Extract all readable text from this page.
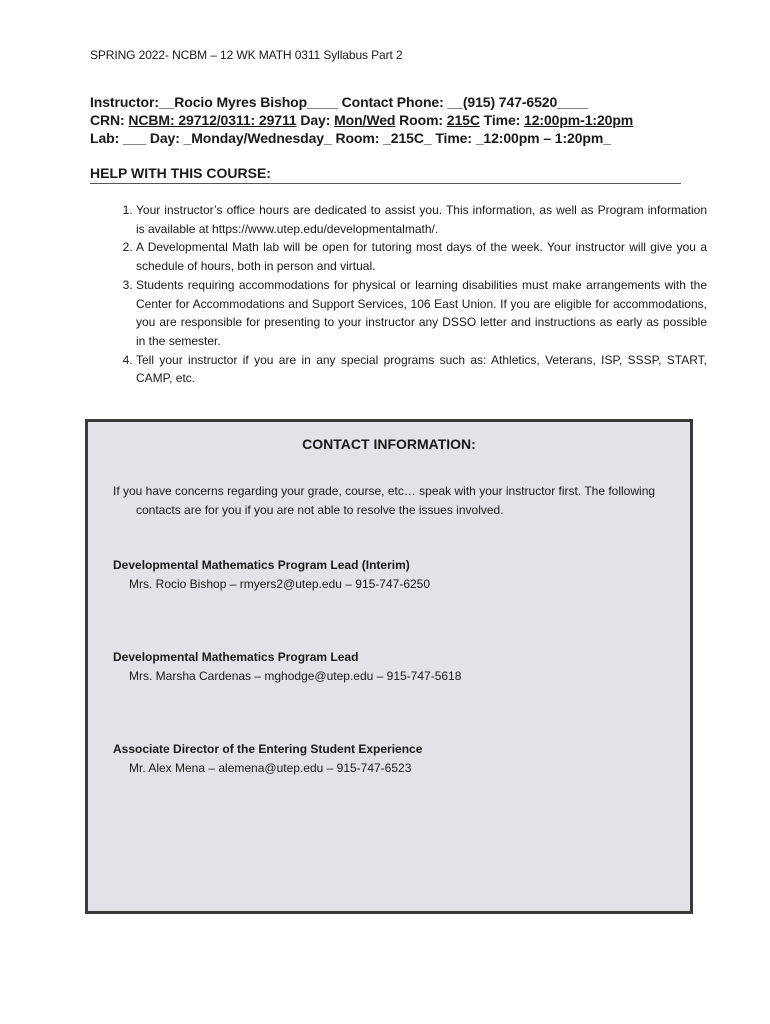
SPRING 2022- NCBM – 12 WK MATH 0311 Syllabus Part 2
Instructor:__Rocio Myres Bishop____ Contact Phone: __(915) 747-6520____
CRN: NCBM: 29712/0311: 29711 Day: Mon/Wed Room: 215C Time: 12:00pm-1:20pm
Lab: ___ Day: _Monday/Wednesday_ Room: _215C_ Time: _12:00pm – 1:20pm_
HELP WITH THIS COURSE:
1. Your instructor’s office hours are dedicated to assist you. This information, as well as Program information is available at https://www.utep.edu/developmentalmath/.
2. A Developmental Math lab will be open for tutoring most days of the week. Your instructor will give you a schedule of hours, both in person and virtual.
3. Students requiring accommodations for physical or learning disabilities must make arrangements with the Center for Accommodations and Support Services, 106 East Union. If you are eligible for accommodations, you are responsible for presenting to your instructor any DSSO letter and instructions as early as possible in the semester.
4. Tell your instructor if you are in any special programs such as: Athletics, Veterans, ISP, SSSP, START, CAMP, etc.
CONTACT INFORMATION:
If you have concerns regarding your grade, course, etc… speak with your instructor first. The following contacts are for you if you are not able to resolve the issues involved.
Developmental Mathematics Program Lead (Interim)
Mrs. Rocio Bishop – rmyers2@utep.edu – 915-747-6250
Developmental Mathematics Program Lead
Mrs. Marsha Cardenas – mghodge@utep.edu – 915-747-5618
Associate Director of the Entering Student Experience
Mr. Alex Mena – alemena@utep.edu – 915-747-6523
